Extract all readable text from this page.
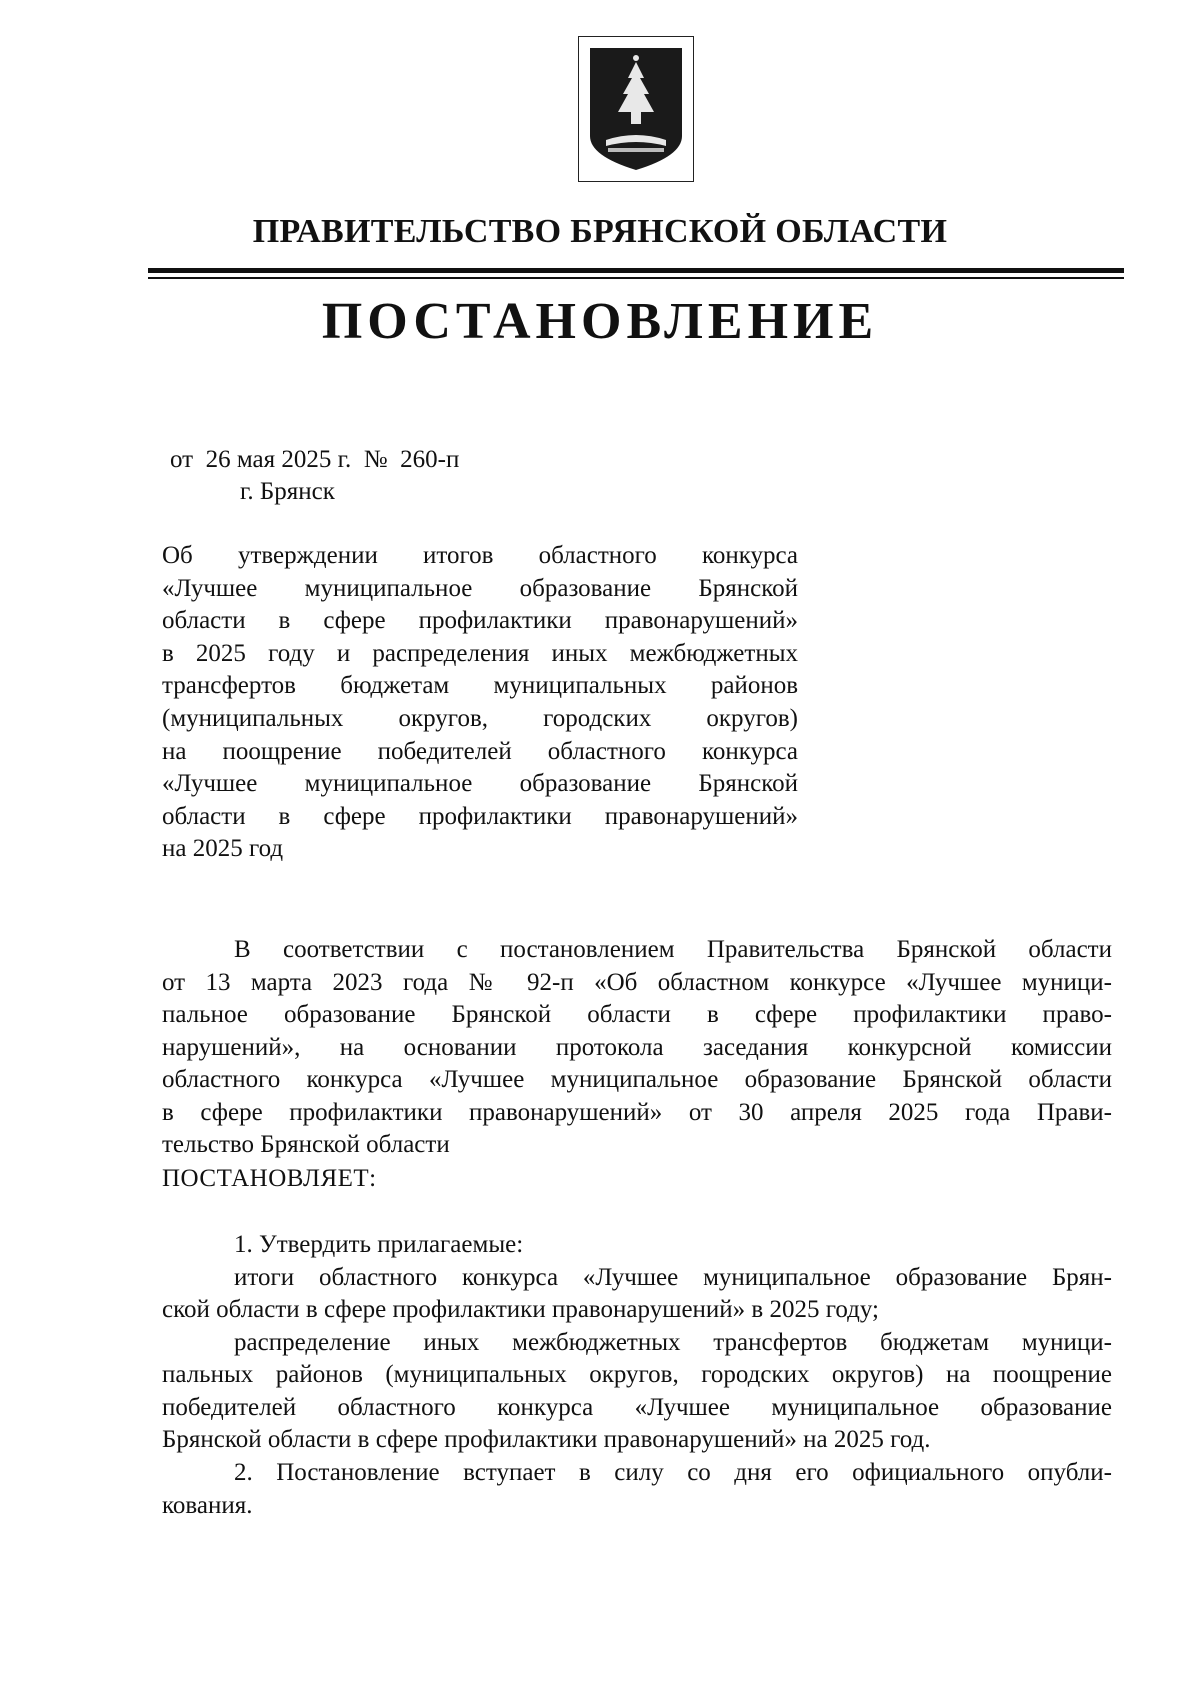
ПРАВИТЕЛЬСТВО БРЯНСКОЙ ОБЛАСТИ
ПОСТАНОВЛЕНИЕ
от  26 мая 2025 г.  №  260-п
г. Брянск
Об утверждении итогов областного конкурса
«Лучшее муниципальное образование Брянской
области в сфере профилактики правонарушений»
в 2025 году и распределения иных межбюджетных
трансфертов бюджетам муниципальных районов
(муниципальных округов, городских округов)
на поощрение победителей областного конкурса
«Лучшее муниципальное образование Брянской
области в сфере профилактики правонарушений»
на 2025 год
В соответствии с постановлением Правительства Брянской области
от 13 марта 2023 года № 92-п «Об областном конкурсе «Лучшее муници-
пальное образование Брянской области в сфере профилактики право-
нарушений», на основании протокола заседания конкурсной комиссии
областного конкурса «Лучшее муниципальное образование Брянской области
в сфере профилактики правонарушений» от 30 апреля 2025 года Прави-
тельство Брянской области
ПОСТАНОВЛЯЕТ:
1. Утвердить прилагаемые:
итоги областного конкурса «Лучшее муниципальное образование Брян-
ской области в сфере профилактики правонарушений» в 2025 году;
распределение иных межбюджетных трансфертов бюджетам муници-
пальных районов (муниципальных округов, городских округов) на поощрение
победителей областного конкурса «Лучшее муниципальное образование
Брянской области в сфере профилактики правонарушений» на 2025 год.
2. Постановление вступает в силу со дня его официального опубли-
кования.
